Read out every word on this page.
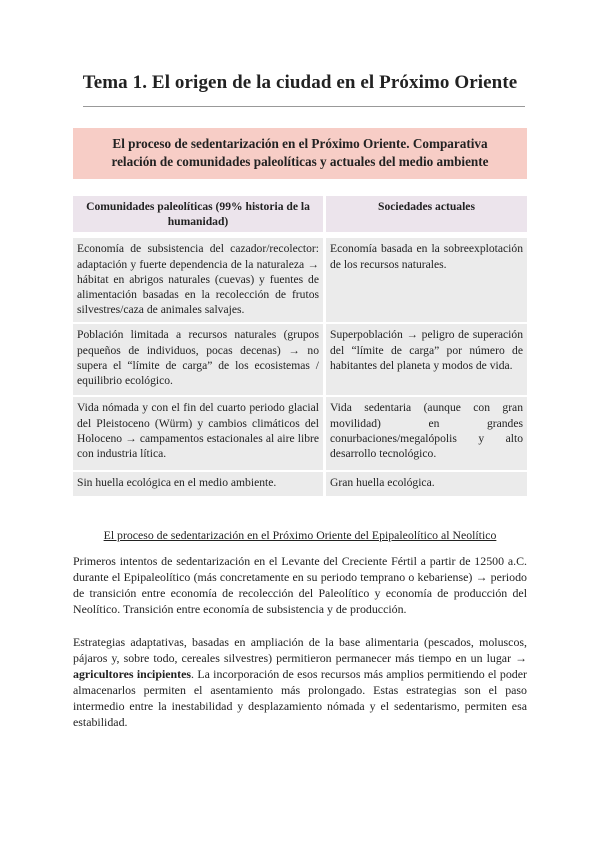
Tema 1. El origen de la ciudad en el Próximo Oriente
El proceso de sedentarización en el Próximo Oriente. Comparativa
relación de comunidades paleolíticas y actuales del medio ambiente
Comunidades paleolíticas (99% historia de la humanidad)	Sociedades actuales
Economía de subsistencia del cazador/recolector: adaptación y fuerte dependencia de la naturaleza → hábitat en abrigos naturales (cuevas) y fuentes de alimentación basadas en la recolección de frutos silvestres/caza de animales salvajes.	Economía basada en la sobreexplotación de los recursos naturales.
Población limitada a recursos naturales (grupos pequeños de individuos, pocas decenas) → no supera el “límite de carga” de los ecosistemas / equilibrio ecológico.	Superpoblación → peligro de superación del “límite de carga” por número de habitantes del planeta y modos de vida.
Vida nómada y con el fin del cuarto periodo glacial del Pleistoceno (Würm) y cambios climáticos del Holoceno → campamentos estacionales al aire libre con industria lítica.	Vida sedentaria (aunque con gran movilidad) en grandes conurbaciones/megalópolis y alto desarrollo tecnológico.
Sin huella ecológica en el medio ambiente.	Gran huella ecológica.
El proceso de sedentarización en el Próximo Oriente del Epipaleolítico al Neolítico
Primeros intentos de sedentarización en el Levante del Creciente Fértil a partir de 12500 a.C. durante el Epipaleolítico (más concretamente en su periodo temprano o kebariense) → periodo de transición entre economía de recolección del Paleolítico y economía de producción del Neolítico. Transición entre economía de subsistencia y de producción.
Estrategias adaptativas, basadas en ampliación de la base alimentaria (pescados, moluscos, pájaros y, sobre todo, cereales silvestres) permitieron permanecer más tiempo en un lugar → agricultores incipientes. La incorporación de esos recursos más amplios permitiendo el poder almacenarlos permiten el asentamiento más prolongado. Estas estrategias son el paso intermedio entre la inestabilidad y desplazamiento nómada y el sedentarismo, permiten esa estabilidad.
